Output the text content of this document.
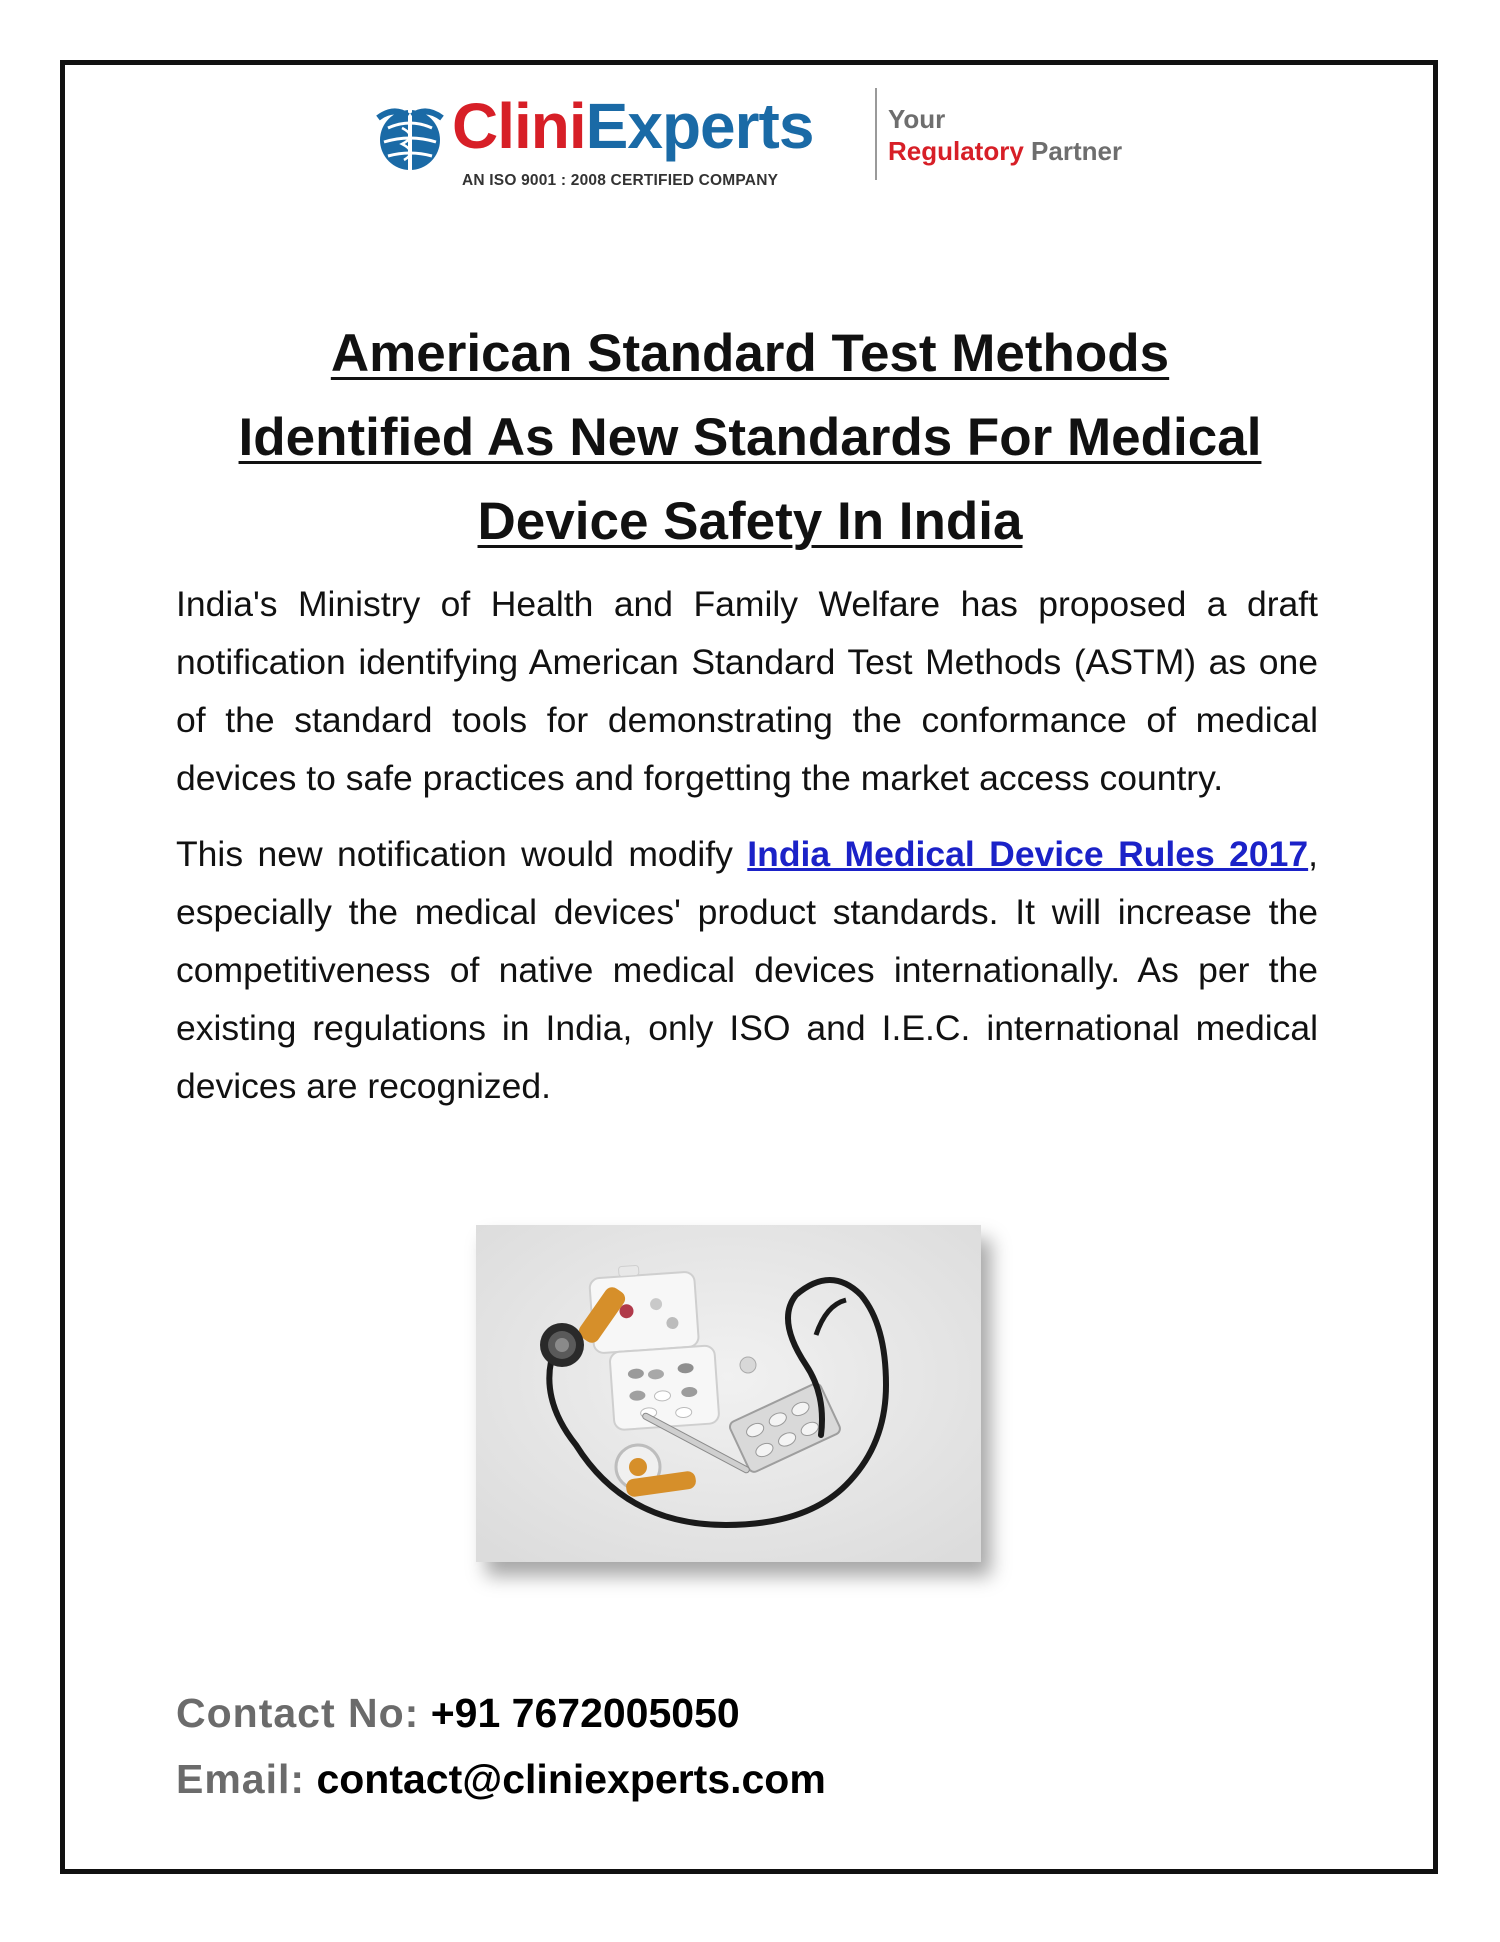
CliniExperts
AN ISO 9001 : 2008 CERTIFIED COMPANY
Your
Regulatory Partner
American Standard Test Methods
Identified As New Standards For Medical
Device Safety In India

India's Ministry of Health and Family Welfare has proposed a draft notification identifying American Standard Test Methods (ASTM) as one of the standard tools for demonstrating the conformance of medical devices to safe practices and forgetting the market access country.

This new notification would modify India Medical Device Rules 2017, especially the medical devices' product standards. It will increase the competitiveness of native medical devices internationally. As per the existing regulations in India, only ISO and I.E.C. international medical devices are recognized.

Contact No: +91 7672005050
Email: contact@cliniexperts.com
